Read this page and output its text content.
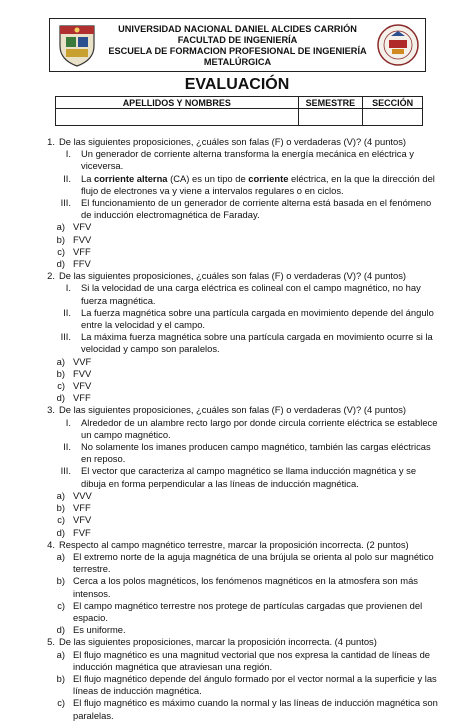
UNIVERSIDAD NACIONAL DANIEL ALCIDES CARRIÓN
FACULTAD DE INGENIERÍA
ESCUELA DE FORMACION PROFESIONAL DE INGENIERÍA
METALÚRGICA
EVALUACIÓN
APELLIDOS Y NOMBRES	SEMESTRE	SECCIÓN

1. De las siguientes proposiciones, ¿cuáles son falas (F) o verdaderas (V)? (4 puntos)
I.	Un generador de corriente alterna transforma la energía mecánica en eléctrica y viceversa.
II.	La corriente alterna (CA) es un tipo de corriente eléctrica, en la que la dirección del flujo de electrones va y viene a intervalos regulares o en ciclos.
III.	El funcionamiento de un generador de corriente alterna está basada en el fenómeno de inducción electromagnética de Faraday.
a) VFV
b) FVV
c) VFF
d) FFV
2. De las siguientes proposiciones, ¿cuáles son falas (F) o verdaderas (V)? (4 puntos)
I.	Si la velocidad de una carga eléctrica es colineal con el campo magnético, no hay fuerza magnética.
II.	La fuerza magnética sobre una partícula cargada en movimiento depende del ángulo entre la velocidad y el campo.
III.	La máxima fuerza magnética sobre una partícula cargada en movimiento ocurre si la velocidad y campo son paralelos.
a) VVF
b) FVV
c) VFV
d) VFF
3. De las siguientes proposiciones, ¿cuáles son falas (F) o verdaderas (V)? (4 puntos)
I.	Alrededor de un alambre recto largo por donde circula corriente eléctrica se establece un campo magnético.
II.	No solamente los imanes producen campo magnético, también las cargas eléctricas en reposo.
III.	El vector que caracteriza al campo magnético se llama inducción magnética y se dibuja en forma perpendicular a las líneas de inducción magnética.
a) VVV
b) VFF
c) VFV
d) FVF
4. Respecto al campo magnético terrestre, marcar la proposición incorrecta. (2 puntos)
a) El extremo norte de la aguja magnética de una brújula se orienta al polo sur magnético terrestre.
b) Cerca a los polos magnéticos, los fenómenos magnéticos en la atmosfera son más intensos.
c) El campo magnético terrestre nos protege de partículas cargadas que provienen del espacio.
d) Es uniforme.
5. De las siguientes proposiciones, marcar la proposición incorrecta. (4 puntos)
a) El flujo magnético es una magnitud vectorial que nos expresa la cantidad de líneas de inducción magnética que atraviesan una región.
b) El flujo magnético depende del ángulo formado por el vector normal a la superficie y las líneas de inducción magnética.
c) El flujo magnético es máximo cuando la normal y las líneas de inducción magnética son paralelas.
